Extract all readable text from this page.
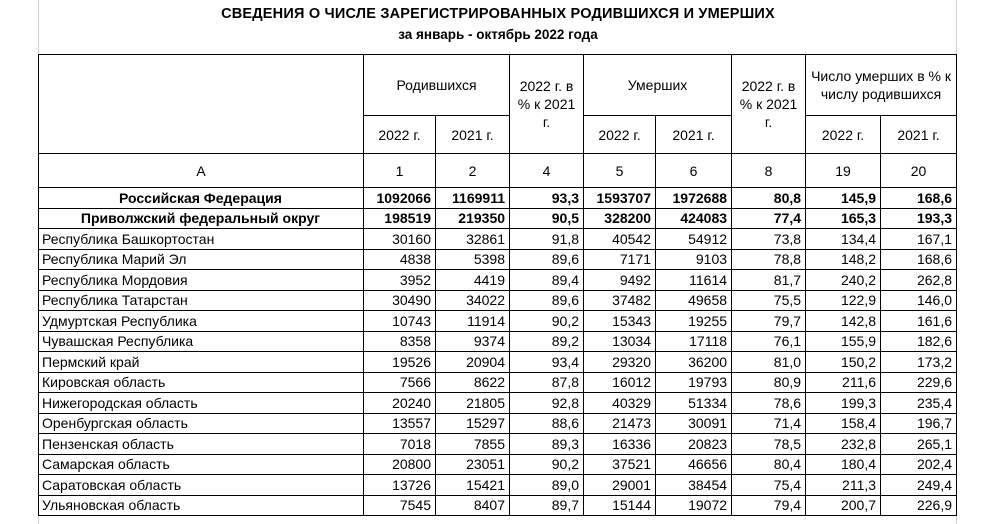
СВЕДЕНИЯ О ЧИСЛЕ ЗАРЕГИСТРИРОВАННЫХ РОДИВШИХСЯ И УМЕРШИХ
за январь - октябрь 2022 года
	Родившихся		2022 г. в % к 2021 г.	Умерших		2022 г. в % к 2021 г.	Число умерших в % к числу родившихся	
	2022 г.	2021 г.		2022 г.	2021 г.		2022 г.	2021 г.
А	1	2	4	5	6	8	19	20
Российская Федерация	1092066	1169911	93,3	1593707	1972688	80,8	145,9	168,6
Приволжский федеральный округ	198519	219350	90,5	328200	424083	77,4	165,3	193,3
Республика Башкортостан	30160	32861	91,8	40542	54912	73,8	134,4	167,1
Республика Марий Эл	4838	5398	89,6	7171	9103	78,8	148,2	168,6
Республика Мордовия	3952	4419	89,4	9492	11614	81,7	240,2	262,8
Республика Татарстан	30490	34022	89,6	37482	49658	75,5	122,9	146,0
Удмуртская Республика	10743	11914	90,2	15343	19255	79,7	142,8	161,6
Чувашская Республика	8358	9374	89,2	13034	17118	76,1	155,9	182,6
Пермский край	19526	20904	93,4	29320	36200	81,0	150,2	173,2
Кировская область	7566	8622	87,8	16012	19793	80,9	211,6	229,6
Нижегородская область	20240	21805	92,8	40329	51334	78,6	199,3	235,4
Оренбургская область	13557	15297	88,6	21473	30091	71,4	158,4	196,7
Пензенская область	7018	7855	89,3	16336	20823	78,5	232,8	265,1
Самарская область	20800	23051	90,2	37521	46656	80,4	180,4	202,4
Саратовская область	13726	15421	89,0	29001	38454	75,4	211,3	249,4
Ульяновская область	7545	8407	89,7	15144	19072	79,4	200,7	226,9
